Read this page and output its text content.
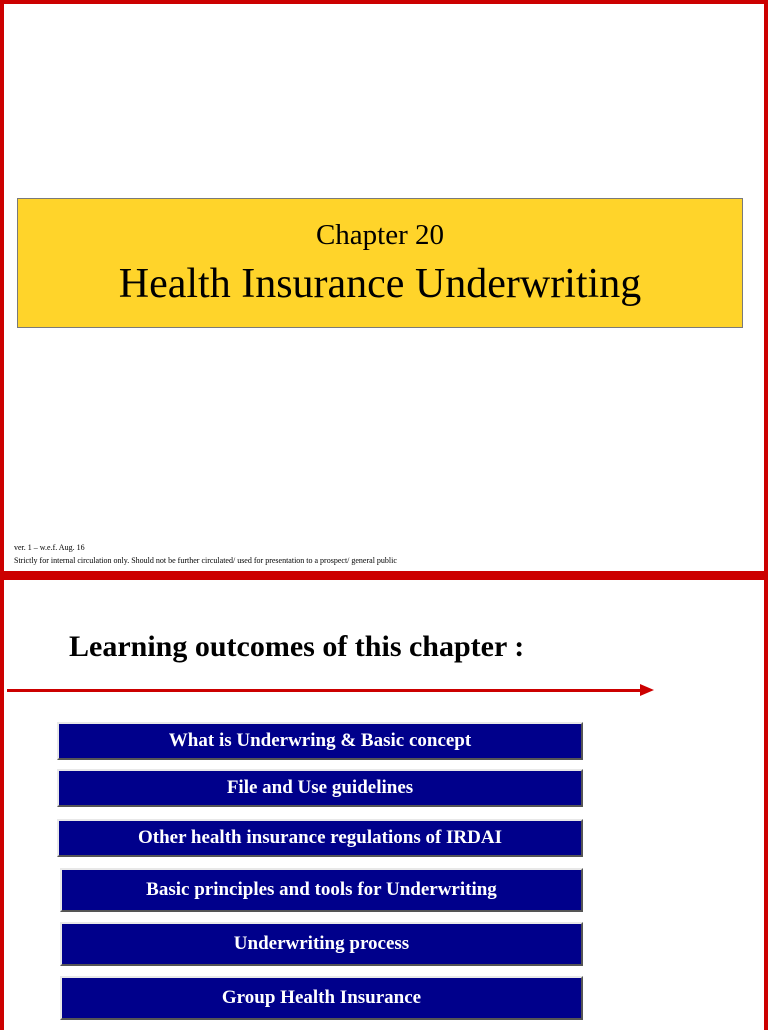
Chapter 20
Health Insurance Underwriting
ver. 1 – w.e.f. Aug. 16
Strictly for internal circulation only. Should not be further circulated/ used for presentation to a prospect/ general public
Learning outcomes of this chapter :
What is Underwring & Basic concept
File and Use guidelines
Other health insurance regulations of IRDAI
Basic principles and tools for Underwriting
Underwriting process
Group Health Insurance
